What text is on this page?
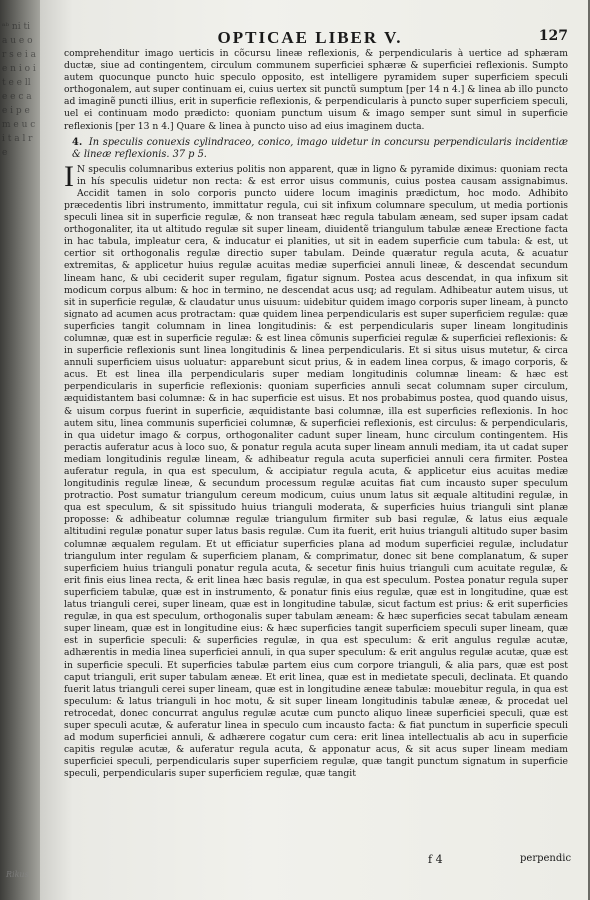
ᵃᵇ ni ti a u e o r s e i a e n i o i t e e ll e e c a e i p e m e u c i t a l r e
OPTICAE LIBER V.	127

comprehenditur imago uerticis in cõcursu lineæ reflexionis, & perpendicularis à uertice ad sphæram ductæ, siue ad contingentem, circulum communem superficiei sphæræ & superficiei reflexionis. Sumpto autem quocunque puncto huic speculo opposito, est intelligere pyramidem super superficiem speculi orthogonalem, aut super continuam ei, cuius uertex sit punctũ sumptum [per 14 n 4.] & linea ab illo puncto ad imaginẽ puncti illius, erit in superficie reflexionis, & perpendicularis à puncto super superficiem speculi, uel ei continuam modo prædicto: quoniam punctum uisum & imago semper sunt simul in superficie reflexionis [per 13 n 4.] Quare & linea à puncto uiso ad eius imaginem ducta.

4. In speculis conuexis cylindraceo, conico, imago uidetur in concursu perpendicularis incidentiæ & lineæ reflexionis. 37 p 5.

I N speculis columnaribus exterius politis non apparent, quæ in ligno & pyramide diximus: quoniam recta in hís speculis uidetur non recta: & est error uisus communis, cuius postea causam assignabimus. Accidit tamen in solo corporis puncto uidere locum imaginis prædictum, hoc modo. Adhibito præcedentis libri instrumento, immittatur regula, cui sit infixum columnare speculum, ut media portionis speculi linea sit in superficie regulæ, & non transeat hæc regula tabulam æneam, sed super ipsam cadat orthogonaliter, ita ut altitudo regulæ sit super lineam, diuidentẽ triangulum tabulæ æneæ Erectione facta in hac tabula, impleatur cera, & inducatur ei planities, ut sit in eadem superficie cum tabula: & est, ut certior sit orthogonalis regulæ directio super tabulam. Deinde quæratur regula acuta, & acuatur extremitas, & applicetur huius regulæ acuitas mediæ superficiei annuli lineæ, & descendat secundum lineam hanc, & ubi ceciderit super regulam, figatur signum. Postea acus descendat, in qua infixum sit modicum corpus album: & hoc in termino, ne descendat acus usq; ad regulam. Adhibeatur autem uisus, ut sit in superficie regulæ, & claudatur unus uisuum: uidebitur quidem imago corporis super lineam, à puncto signato ad acumen acus protractam: quæ quidem linea perpendicularis est super superficiem regulæ: quæ superficies tangit columnam in linea longitudinis: & est perpendicularis super lineam longitudinis columnæ, quæ est in superficie regulæ: & est linea cõmunis superficiei regulæ & superficiei reflexionis: & in superficie reflexionis sunt linea longitudinis & linea perpendicularis. Et si situs uisus mutetur, & circa annuli superficiem uisus uoluatur: apparebunt sicut prius, & in eadem linea corpus, & imago corporis, & acus. Et est linea illa perpendicularis super mediam longitudinis columnæ lineam: & hæc est perpendicularis in superficie reflexionis: quoniam superficies annuli secat columnam super circulum, æquidistantem basi columnæ: & in hac superficie est uisus. Et nos probabimus postea, quod quando uisus, & uisum corpus fuerint in superficie, æquidistante basi columnæ, illa est superficies reflexionis. In hoc autem situ, linea communis superficiei columnæ, & superficiei reflexionis, est circulus: & perpendicularis, in qua uidetur imago & corpus, orthogonaliter cadunt super lineam, hunc circulum contingentem. His peractis auferatur acus à loco suo, & ponatur regula acuta super lineam annuli mediam, ita ut cadat super mediam longitudinis regulæ lineam, & adhibeatur regula acuta superficiei annuli cera firmiter. Postea auferatur regula, in qua est speculum, & accipiatur regula acuta, & applicetur eius acuitas mediæ longitudinis regulæ lineæ, & secundum processum regulæ acuitas fiat cum incausto super speculum protractio. Post sumatur triangulum cereum modicum, cuius unum latus sit æquale altitudini regulæ, in qua est speculum, & sit spissitudo huius trianguli moderata, & superficies huius trianguli sint planæ proposse: & adhibeatur columnæ regulæ triangulum firmiter sub basi regulæ, & latus eius æquale altitudini regulæ ponatur super latus basis regulæ. Cum ita fuerit, erit huius trianguli altitudo super basim columnæ æqualem regulam. Et ut efficiatur superficies plana ad modum superficiei regulæ, includatur triangulum inter regulam & superficiem planam, & comprimatur, donec sit bene complanatum, & super superficiem huius trianguli ponatur regula acuta, & secetur finis huius trianguli cum acuitate regulæ, & erit finis eius linea recta, & erit linea hæc basis regulæ, in qua est speculum. Postea ponatur regula super superficiem tabulæ, quæ est in instrumento, & ponatur finis eius regulæ, quæ est in longitudine, quæ est latus trianguli cerei, super lineam, quæ est in longitudine tabulæ, sicut factum est prius: & erit superficies regulæ, in qua est speculum, orthogonalis super tabulam æneam: & hæc superficies secat tabulam æneam super lineam, quæ est in longitudine eius: & hæc superficies tangit superficiem speculi super lineam, quæ est in superficie speculi: & superficies regulæ, in qua est speculum: & erit angulus regulæ acutæ, adhærentis in media linea superficiei annuli, in qua super speculum: & erit angulus regulæ acutæ, quæ est in superficie speculi. Et superficies tabulæ partem eius cum corpore trianguli, & alia pars, quæ est post caput trianguli, erit super tabulam æneæ. Et erit linea, quæ est in medietate speculi, declinata. Et quando fuerit latus trianguli cerei super lineam, quæ est in longitudine æneæ tabulæ: mouebitur regula, in qua est speculum: & latus trianguli in hoc motu, & sit super lineam longitudinis tabulæ æneæ, & procedat uel retrocedat, donec concurrat angulus regulæ acutæ cum puncto aliquo lineæ superficiei speculi, quæ est super speculi acutæ, & auferatur linea in speculo cum incausto facta: & fiat punctum in superficie speculi ad modum superficiei annuli, & adhærere cogatur cum cera: erit linea intellectualis ab acu in superficie capitis regulæ acutæ, & auferatur regula acuta, & apponatur acus, & sit acus super lineam mediam superficiei speculi, perpendicularis super superficiem regulæ, quæ tangit punctum signatum in superficie speculi, perpendicularis super superficiem regulæ, quæ tangit

f 4	perpendic
Rikus
